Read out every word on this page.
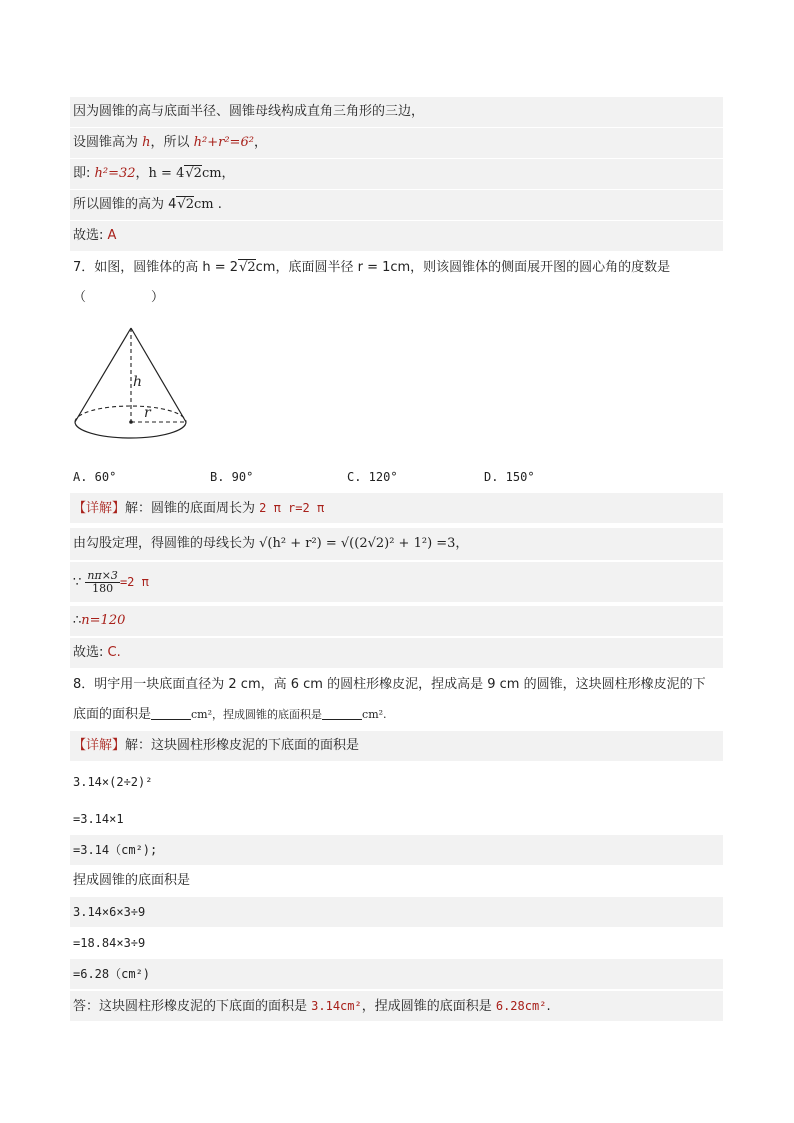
因为圆锥的高与底面半径、圆锥母线构成直角三角形的三边，
设圆锥高为 h，所以 h²+r²=6²，
即: h²=32，h = 4√2cm，
所以圆锥的高为 4√2cm .
故选: A
7．如图，圆锥体的高 h = 2√2cm，底面圆半径 r = 1cm，则该圆锥体的侧面展开图的圆心角的度数是
（　　　　　）
h
r
A. 60°	B. 90°	C. 120°	D. 150°
【详解】解：圆锥的底面周长为 2 π r=2 π
由勾股定理，得圆锥的母线长为 √(h² + r²) = √((2√2)² + 1²) =3，
∵ $\frac{n\pi\times 3}{180} =2$ π
∴n=120
故选: C.
8．明宇用一块底面直径为 2 cm，高 6 cm 的圆柱形橡皮泥，捏成高是 9 cm 的圆锥，这块圆柱形橡皮泥的下
底面的面积是	cm²，捏成圆锥的底面积是	cm².
【详解】解：这块圆柱形橡皮泥的下底面的面积是
3.14×(2÷2)²
=3.14×1
=3.14（cm²);
捏成圆锥的底面积是
3.14×6×3÷9
=18.84×3÷9
=6.28（cm²)
答：这块圆柱形橡皮泥的下底面的面积是 3.14cm²，捏成圆锥的底面积是 6.28cm².
